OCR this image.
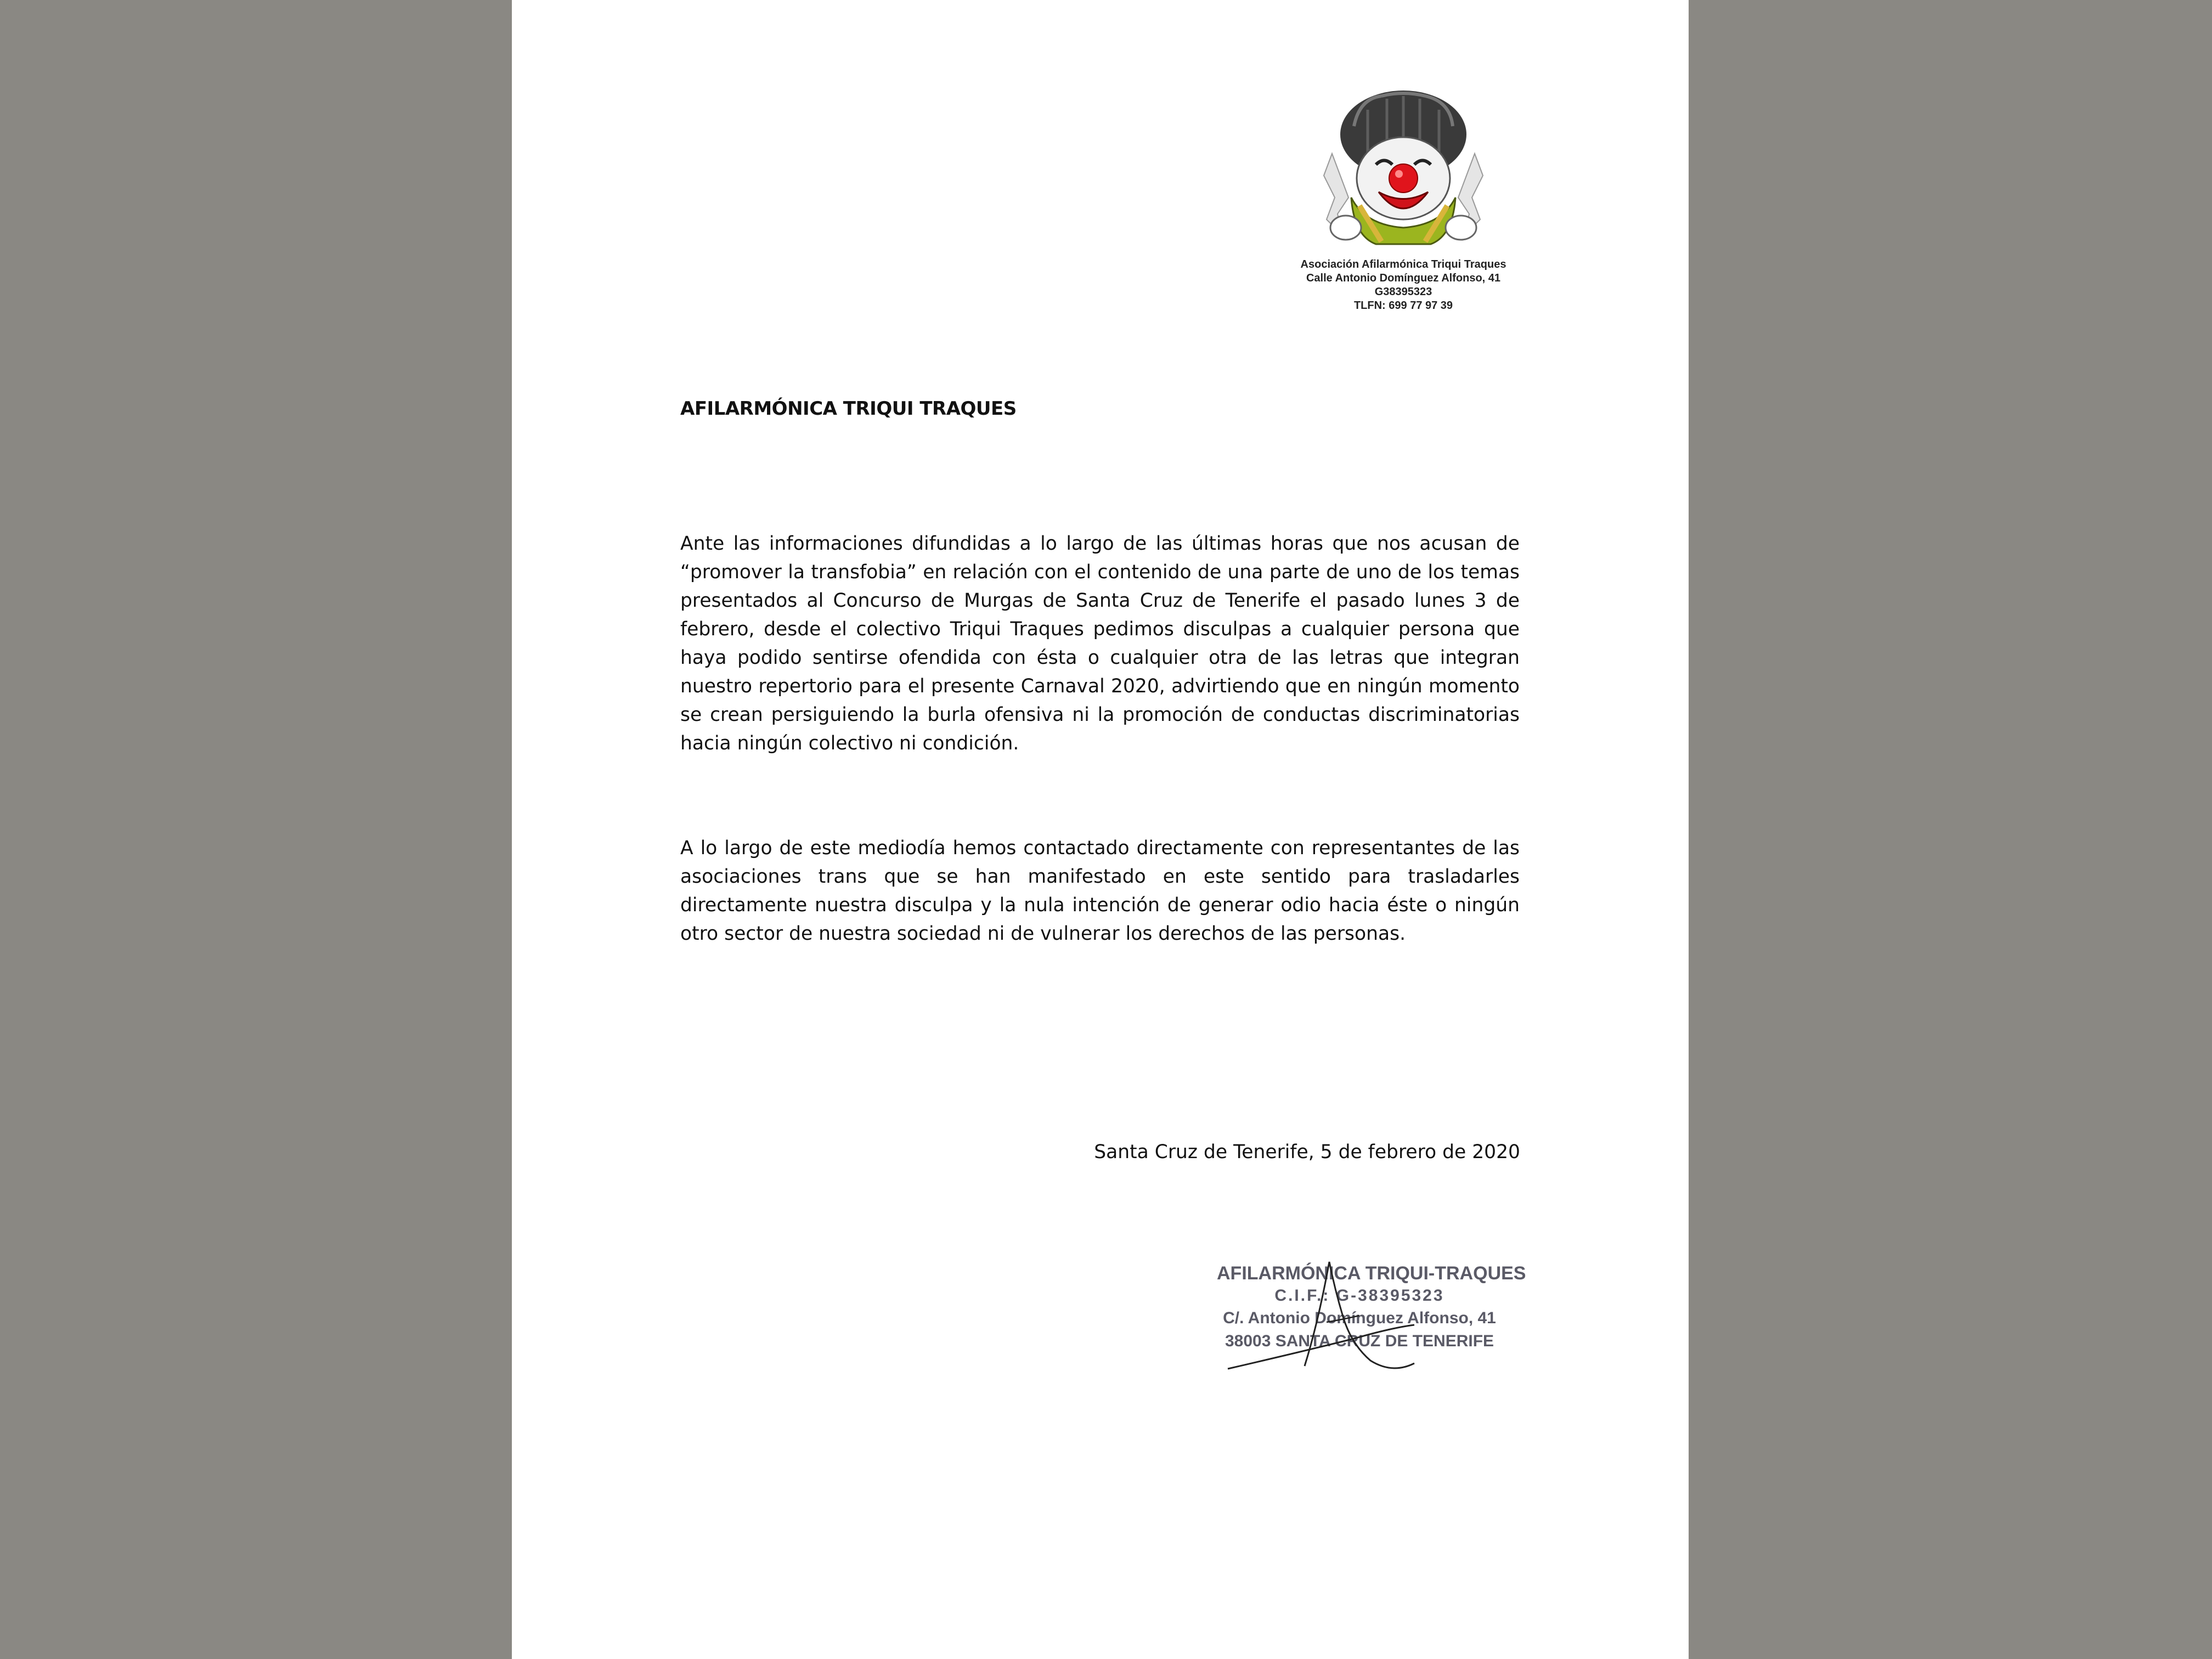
Asociación Afilarmónica Triqui Traques
Calle Antonio Domínguez Alfonso, 41
G38395323
TLFN: 699 77 97 39
AFILARMÓNICA TRIQUI TRAQUES

Ante las informaciones difundidas a lo largo de las últimas horas que nos acusan de “promover la transfobia” en relación con el contenido de una parte de uno de los temas presentados al Concurso de Murgas de Santa Cruz de Tenerife el pasado lunes 3 de febrero, desde el colectivo Triqui Traques pedimos disculpas a cualquier persona que haya podido sentirse ofendida con ésta o cualquier otra de las letras que integran nuestro repertorio para el presente Carnaval 2020, advirtiendo que en ningún momento se crean persiguiendo la burla ofensiva ni la promoción de conductas discriminatorias hacia ningún colectivo ni condición.

A lo largo de este mediodía hemos contactado directamente con representantes de las asociaciones trans que se han manifestado en este sentido para trasladarles directamente nuestra disculpa y la nula intención de generar odio hacia éste o ningún otro sector de nuestra sociedad ni de vulnerar los derechos de las personas.

Santa Cruz de Tenerife, 5 de febrero de 2020

AFILARMÓNICA TRIQUI-TRAQUES
C.I.F.: G-38395323
C/. Antonio Domínguez Alfonso, 41
38003 SANTA CRUZ DE TENERIFE
